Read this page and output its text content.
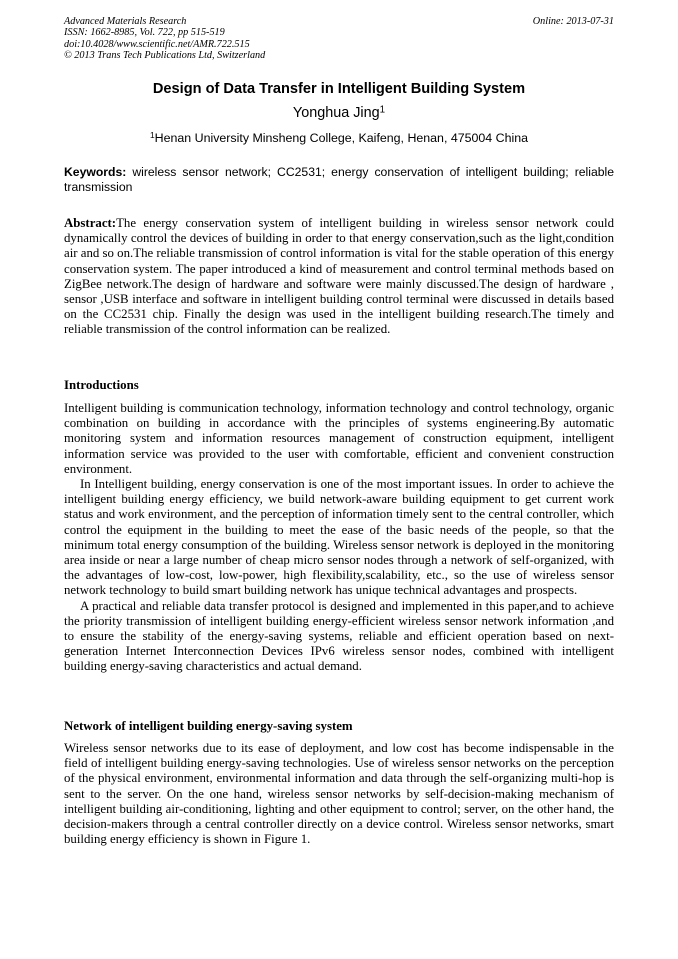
Advanced Materials Research
ISSN: 1662-8985, Vol. 722, pp 515-519
doi:10.4028/www.scientific.net/AMR.722.515
© 2013 Trans Tech Publications Ltd, Switzerland
Online: 2013-07-31
Design of Data Transfer in Intelligent Building System
Yonghua Jing$^1$
$^1$Henan University Minsheng College, Kaifeng, Henan, 475004 China
Keywords: wireless sensor network; CC2531; energy conservation of intelligent building; reliable transmission

Abstract:The energy conservation system of intelligent building in wireless sensor network could dynamically control the devices of building in order to that energy conservation,such as the light,condition air and so on.The reliable transmission of control information is vital for the stable operation of this energy conservation system. The paper introduced a kind of measurement and control terminal methods based on ZigBee network.The design of hardware and software were mainly discussed.The design of hardware , sensor ,USB interface and software in intelligent building control terminal were discussed in details based on the CC2531 chip. Finally the design was used in the intelligent building research.The timely and reliable transmission of the control information can be realized.

Introductions

Intelligent building is communication technology, information technology and control technology, organic combination on building in accordance with the principles of systems engineering.By automatic monitoring system and information resources management of construction equipment, intelligent information service was provided to the user with comfortable, efficient and convenient construction environment.

In Intelligent building, energy conservation is one of the most important issues. In order to achieve the intelligent building energy efficiency, we build network-aware building equipment to get current work status and work environment, and the perception of information timely sent to the central controller, which control the equipment in the building to meet the ease of the basic needs of the people, so that the minimum total energy consumption of the building. Wireless sensor network is deployed in the monitoring area inside or near a large number of cheap micro sensor nodes through a network of self-organized, with the advantages of low-cost, low-power, high flexibility,scalability, etc., so the use of wireless sensor network technology to build smart building network has unique technical advantages and prospects.

A practical and reliable data transfer protocol is designed and implemented in this paper,and to achieve the priority transmission of intelligent building energy-efficient wireless sensor network information ,and to ensure the stability of the energy-saving systems, reliable and efficient operation based on next-generation Internet Interconnection Devices IPv6 wireless sensor nodes, combined with intelligent building energy-saving characteristics and actual demand.

Network of intelligent building energy-saving system

Wireless sensor networks due to its ease of deployment, and low cost has become indispensable in the field of intelligent building energy-saving technologies. Use of wireless sensor networks on the perception of the physical environment, environmental information and data through the self-organizing multi-hop is sent to the server. On the one hand, wireless sensor networks by self-decision-making mechanism of intelligent building air-conditioning, lighting and other equipment to control; server, on the other hand, the decision-makers through a central controller directly on a device control. Wireless sensor networks, smart building energy efficiency is shown in Figure 1.
